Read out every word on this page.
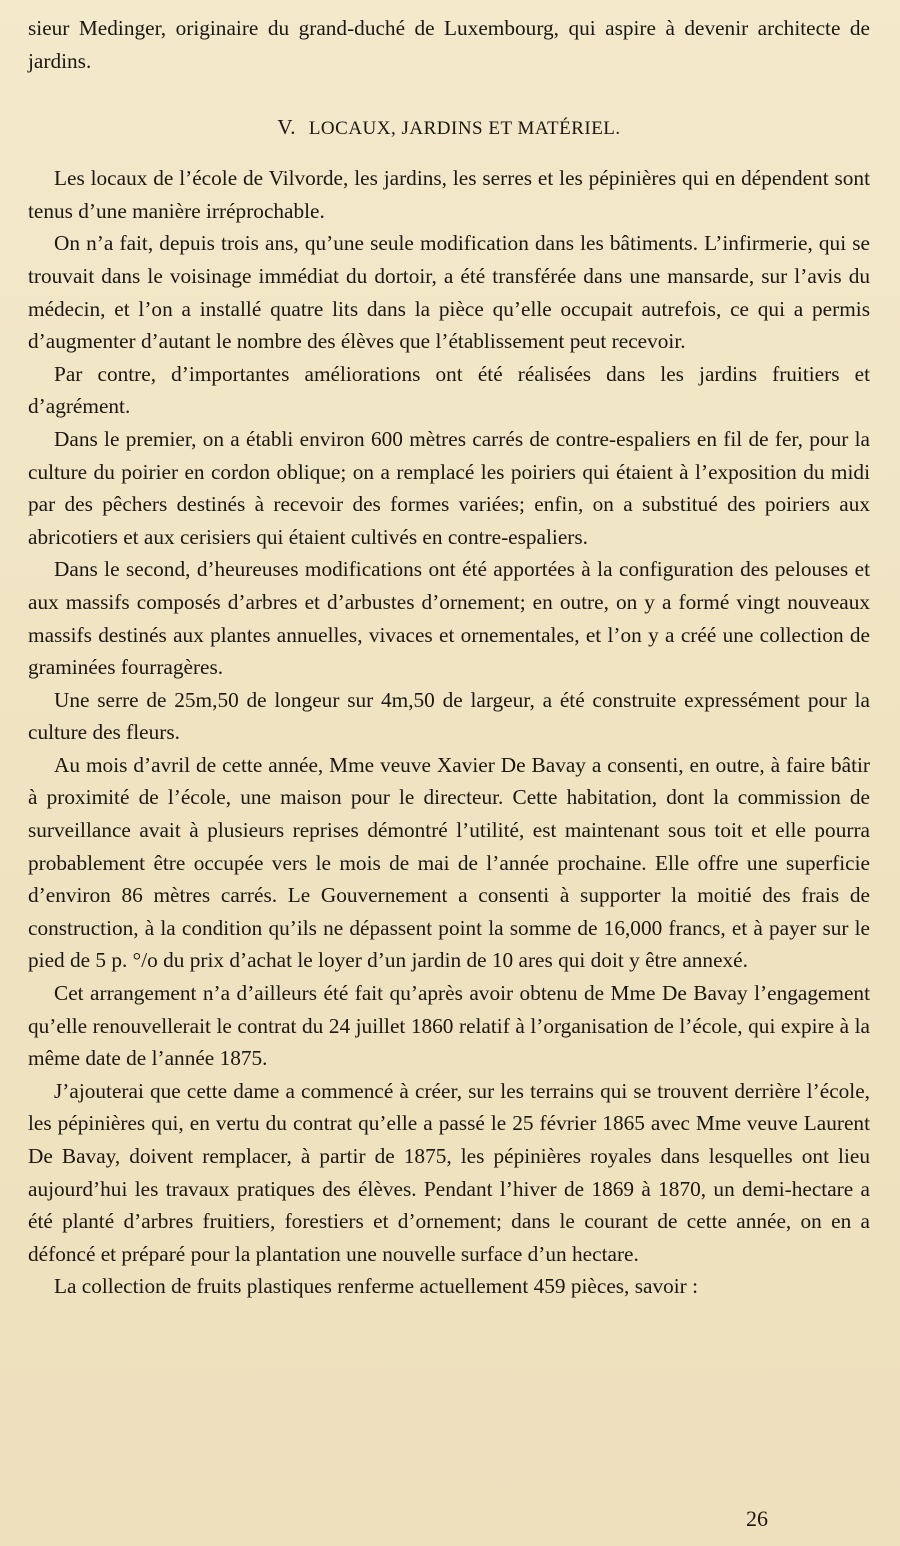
sieur Medinger, originaire du grand-duché de Luxembourg, qui aspire à devenir architecte de jardins.

V. LOCAUX, JARDINS ET MATÉRIEL.

Les locaux de l’école de Vilvorde, les jardins, les serres et les pépinières qui en dépendent sont tenus d’une manière irréprochable.

On n’a fait, depuis trois ans, qu’une seule modification dans les bâtiments. L’infirmerie, qui se trouvait dans le voisinage immédiat du dortoir, a été transférée dans une mansarde, sur l’avis du médecin, et l’on a installé quatre lits dans la pièce qu’elle occupait autrefois, ce qui a permis d’augmenter d’autant le nombre des élèves que l’établissement peut recevoir.

Par contre, d’importantes améliorations ont été réalisées dans les jardins fruitiers et d’agrément.

Dans le premier, on a établi environ 600 mètres carrés de contre-espaliers en fil de fer, pour la culture du poirier en cordon oblique; on a remplacé les poiriers qui étaient à l’exposition du midi par des pêchers destinés à recevoir des formes variées; enfin, on a substitué des poiriers aux abricotiers et aux cerisiers qui étaient cultivés en contre-espaliers.

Dans le second, d’heureuses modifications ont été apportées à la configuration des pelouses et aux massifs composés d’arbres et d’arbustes d’ornement; en outre, on y a formé vingt nouveaux massifs destinés aux plantes annuelles, vivaces et ornementales, et l’on y a créé une collection de graminées fourragères.

Une serre de 25m,50 de longeur sur 4m,50 de largeur, a été construite expressément pour la culture des fleurs.

Au mois d’avril de cette année, Mme veuve Xavier De Bavay a consenti, en outre, à faire bâtir à proximité de l’école, une maison pour le directeur. Cette habitation, dont la commission de surveillance avait à plusieurs reprises démontré l’utilité, est maintenant sous toit et elle pourra probablement être occupée vers le mois de mai de l’année prochaine. Elle offre une superficie d’environ 86 mètres carrés. Le Gouvernement a consenti à supporter la moitié des frais de construction, à la condition qu’ils ne dépassent point la somme de 16,000 francs, et à payer sur le pied de 5 p. °/o du prix d’achat le loyer d’un jardin de 10 ares qui doit y être annexé.

Cet arrangement n’a d’ailleurs été fait qu’après avoir obtenu de Mme De Bavay l’engagement qu’elle renouvellerait le contrat du 24 juillet 1860 relatif à l’organisation de l’école, qui expire à la même date de l’année 1875.

J’ajouterai que cette dame a commencé à créer, sur les terrains qui se trouvent derrière l’école, les pépinières qui, en vertu du contrat qu’elle a passé le 25 février 1865 avec Mme veuve Laurent De Bavay, doivent remplacer, à partir de 1875, les pépinières royales dans lesquelles ont lieu aujourd’hui les travaux pratiques des élèves. Pendant l’hiver de 1869 à 1870, un demi-hectare a été planté d’arbres fruitiers, forestiers et d’ornement; dans le courant de cette année, on en a défoncé et préparé pour la plantation une nouvelle surface d’un hectare.

La collection de fruits plastiques renferme actuellement 459 pièces, savoir :

26
